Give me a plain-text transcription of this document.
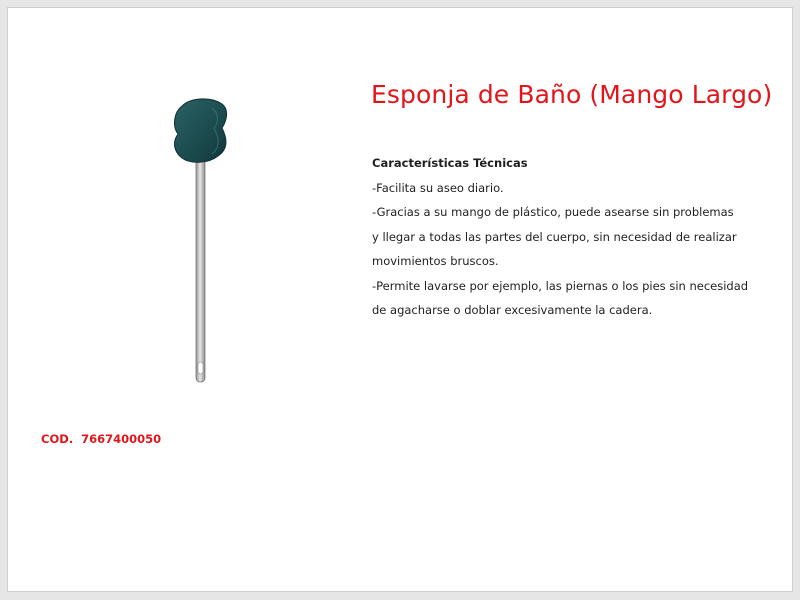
Esponja de Baño (Mango Largo)
Características Técnicas
-Facilita su aseo diario.
-Gracias a su mango de plástico, puede asearse sin problemas
y llegar a todas las partes del cuerpo, sin necesidad de realizar
movimientos bruscos.
-Permite lavarse por ejemplo, las piernas o los pies sin necesidad
de agacharse o doblar excesivamente la cadera.
COD.  7667400050
